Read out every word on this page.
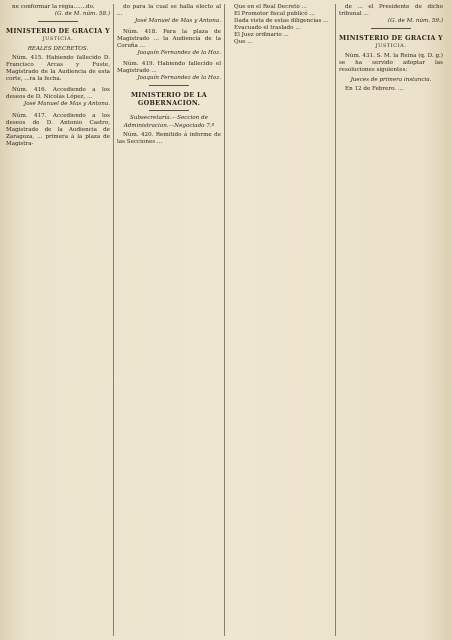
ne conformar la régia.......do.

(G. de M. núm. 58.)

MINISTERIO DE GRACIA Y
JUSTICIA.
REALES DECRETOS.

Núm. 415. Habiendo fallecido D. Francisco Arcas y Fuste, Magistrado de la Audiencia de esta corte, ...ra la fecha.

Núm. 416. Accediendo a los deseos de D. Nicolás López, ...

José Manuel de Mas y Antona.

Núm. 417. Accediendo a los deseos de D. Antonio Castro, Magistrado de la Audiencia de Zaragoza, ... primera á la plaza de Magistra-

do para la cual se halla electo al ...

José Manuel de Mas y Antona.

Núm. 418. Para la plaza de Magistrado ... la Audiencia de la Coruña ...

Joaquín Fernandez de la Hoz.

Núm. 419. Habiendo fallecido el Magistrado ...

Joaquín Fernandez de la Hoz.

MINISTERIO DE LA GOBERNACION.
Subsecretaría.—Seccion de Administracion.—Negociado 7.º

Núm. 420. Remitido á informe de las Secciones ...

Que en el Real Decreto ...

El Promotor fiscal publicó ...

Dada vista de estas diligencias ...

Evacuado el traslado ...

El Juez ordinario ...

Que ...

de ... el Presidente de dicho tribunal ...

(G. de M. núm. 59.)

MINISTERIO DE GRACIA Y
JUSTICIA.

Núm. 431. S. M. la Reina (q. D. g.) se ha servido adoptar las resoluciones siguientes:

Jueces de primera instancia.

En 12 de Febrero. ...
